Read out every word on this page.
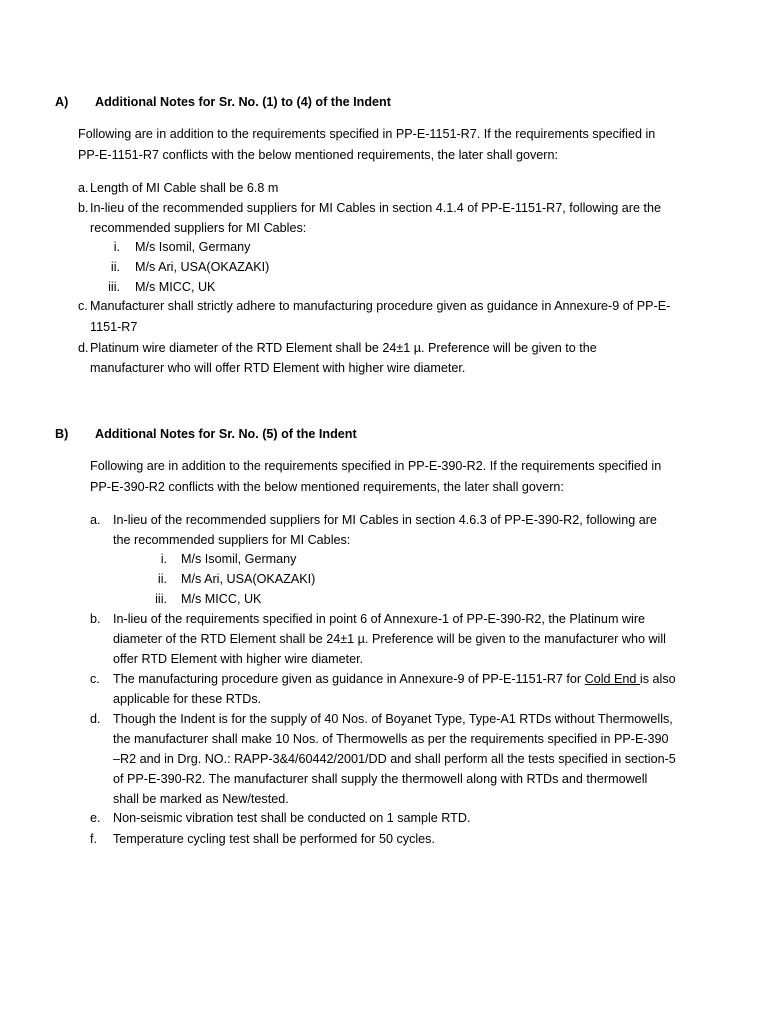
A) Additional Notes for Sr. No. (1) to (4) of the Indent
Following are in addition to the requirements specified in PP-E-1151-R7. If the requirements specified in
PP-E-1151-R7 conflicts with the below mentioned requirements, the later shall govern:
a. Length of MI Cable shall be 6.8 m
b. In-lieu of the recommended suppliers for MI Cables in section 4.1.4 of PP-E-1151-R7, following are the
recommended suppliers for MI Cables:
i. M/s Isomil, Germany
ii. M/s Ari, USA(OKAZAKI)
iii. M/s MICC, UK
c. Manufacturer shall strictly adhere to manufacturing procedure given as guidance in Annexure-9 of PP-E-
1151-R7
d. Platinum wire diameter of the RTD Element shall be 24±1 µ. Preference will be given to the
manufacturer who will offer RTD Element with higher wire diameter.
B) Additional Notes for Sr. No. (5) of the Indent
Following are in addition to the requirements specified in PP-E-390-R2. If the requirements specified in
PP-E-390-R2 conflicts with the below mentioned requirements, the later shall govern:
a. In-lieu of the recommended suppliers for MI Cables in section 4.6.3 of PP-E-390-R2, following are
the recommended suppliers for MI Cables:
i. M/s Isomil, Germany
ii. M/s Ari, USA(OKAZAKI)
iii. M/s MICC, UK
b. In-lieu of the requirements specified in point 6 of Annexure-1 of PP-E-390-R2, the Platinum wire
diameter of the RTD Element shall be 24±1 µ. Preference will be given to the manufacturer who will
offer RTD Element with higher wire diameter.
c. The manufacturing procedure given as guidance in Annexure-9 of PP-E-1151-R7 for Cold End is also
applicable for these RTDs.
d. Though the Indent is for the supply of 40 Nos. of Boyanet Type, Type-A1 RTDs without Thermowells,
the manufacturer shall make 10 Nos. of Thermowells as per the requirements specified in PP-E-390
–R2 and in Drg. NO.: RAPP-3&4/60442/2001/DD and shall perform all the tests specified in section-5
of PP-E-390-R2. The manufacturer shall supply the thermowell along with RTDs and thermowell
shall be marked as New/tested.
e. Non-seismic vibration test shall be conducted on 1 sample RTD.
f. Temperature cycling test shall be performed for 50 cycles.
